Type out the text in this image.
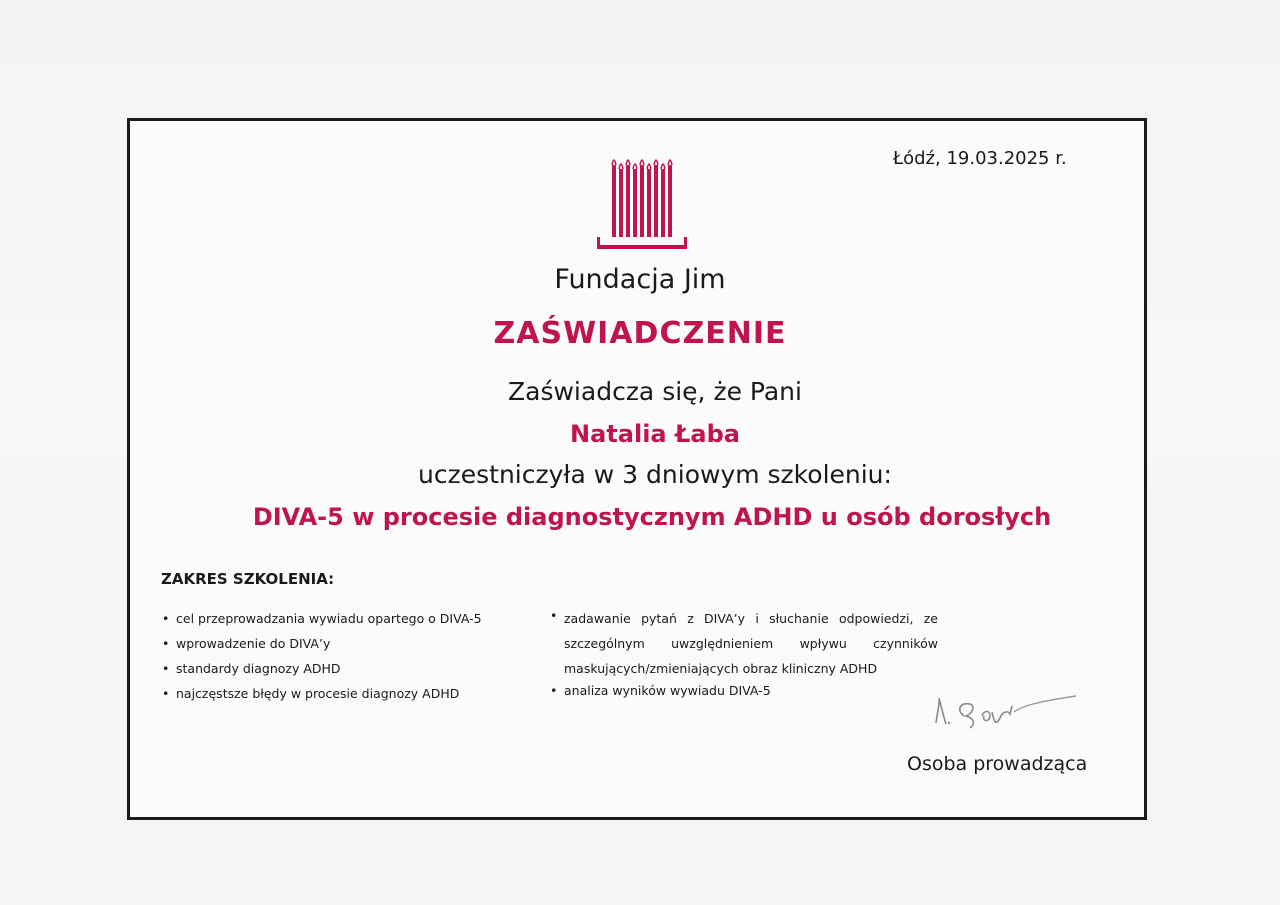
Łódź, 19.03.2025 r.
Fundacja Jim
ZAŚWIADCZENIE
Zaświadcza się, że Pani
Natalia Łaba
uczestniczyła w 3 dniowym szkoleniu:
DIVA-5 w procesie diagnostycznym ADHD u osób dorosłych
ZAKRES SZKOLENIA:
• cel przeprowadzania wywiadu opartego o DIVA-5
• wprowadzenie do DIVA’y
• standardy diagnozy ADHD
• najczęstsze błędy w procesie diagnozy ADHD
• zadawanie pytań z DIVA’y i słuchanie odpowiedzi, ze szczególnym uwzględnieniem wpływu czynników maskujących/zmieniających obraz kliniczny ADHD
• analiza wyników wywiadu DIVA-5
Osoba prowadząca
